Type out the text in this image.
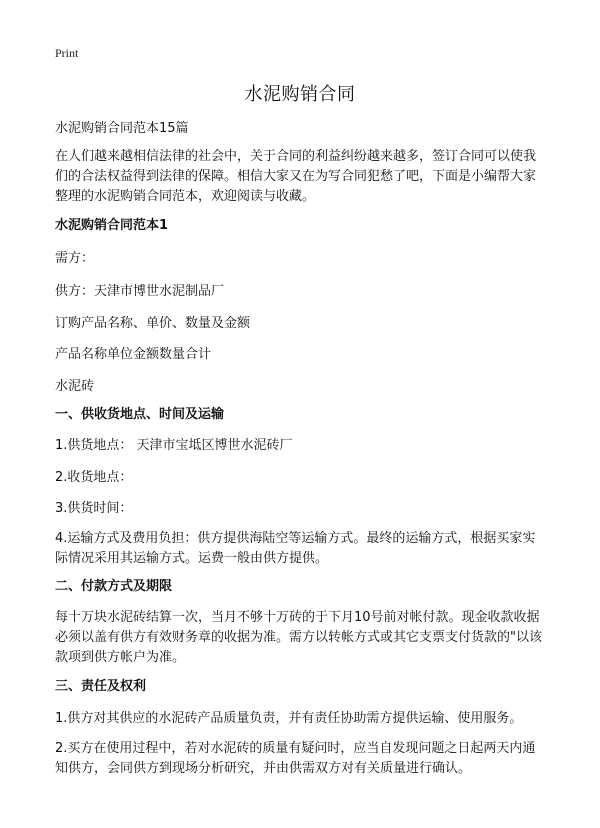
Print
水泥购销合同
水泥购销合同范本15篇
在人们越来越相信法律的社会中，关于合同的利益纠纷越来越多，签订合同可以使我们的合法权益得到法律的保障。相信大家又在为写合同犯愁了吧，下面是小编帮大家整理的水泥购销合同范本，欢迎阅读与收藏。
水泥购销合同范本1
需方：
供方：天津市博世水泥制品厂
订购产品名称、单价、数量及金额
产品名称单位金额数量合计
水泥砖
一、供收货地点、时间及运输
1.供货地点： 天津市宝坻区博世水泥砖厂
2.收货地点：
3.供货时间：
4.运输方式及费用负担：供方提供海陆空等运输方式。最终的运输方式，根据买家实际情况采用其运输方式。运费一般由供方提供。
二、付款方式及期限
每十万块水泥砖结算一次，当月不够十万砖的于下月10号前对帐付款。现金收款收据必须以盖有供方有效财务章的收据为准。需方以转帐方式或其它支票支付货款的"以该款项到供方帐户为准。
三、责任及权利
1.供方对其供应的水泥砖产品质量负责，并有责任协助需方提供运输、使用服务。
2.买方在使用过程中，若对水泥砖的质量有疑问时，应当自发现问题之日起两天内通知供方，会同供方到现场分析研究，并由供需双方对有关质量进行确认。
